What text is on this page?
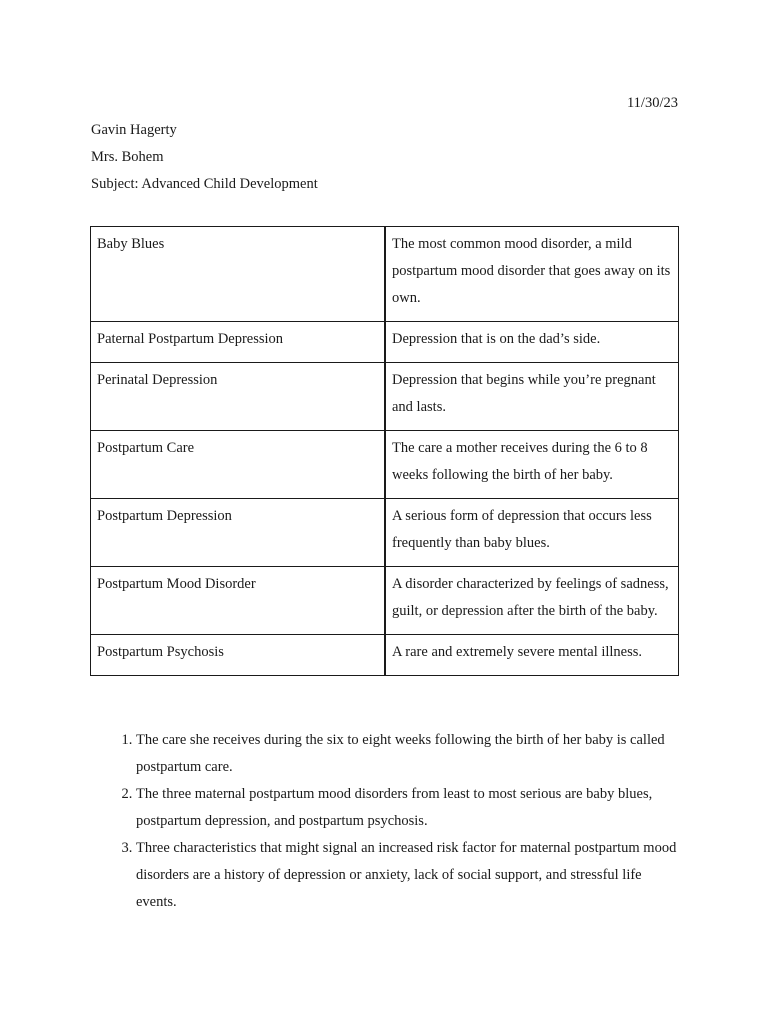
11/30/23
Gavin Hagerty
Mrs. Bohem
Subject: Advanced Child Development
Baby Blues	The most common mood disorder, a mild postpartum mood disorder that goes away on its own.
Paternal Postpartum Depression	Depression that is on the dad’s side.
Perinatal Depression	Depression that begins while you’re pregnant and lasts.
Postpartum Care	The care a mother receives during the 6 to 8 weeks following the birth of her baby.
Postpartum Depression	A serious form of depression that occurs less frequently than baby blues.
Postpartum Mood Disorder	A disorder characterized by feelings of sadness, guilt, or depression after the birth of the baby.
Postpartum Psychosis	A rare and extremely severe mental illness.
1. The care she receives during the six to eight weeks following the birth of her baby is called postpartum care.
2. The three maternal postpartum mood disorders from least to most serious are baby blues, postpartum depression, and postpartum psychosis.
3. Three characteristics that might signal an increased risk factor for maternal postpartum mood disorders are a history of depression or anxiety, lack of social support, and stressful life events.
